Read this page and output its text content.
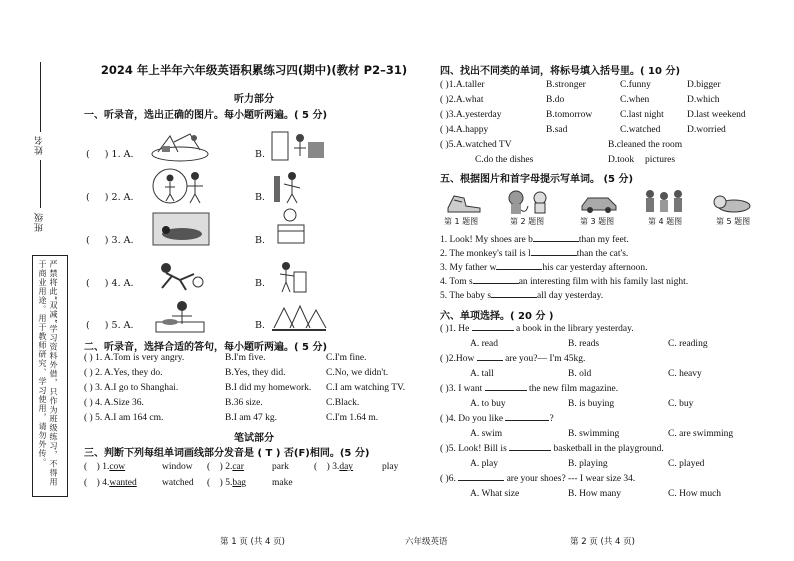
姓名
班级
严禁将此“双减”学习资料外借，只作为班级练习，不得用于商业用途。用于教师研究、学习使用，请勿外传。
2024 年上半年六年级英语积累练习四(期中)(教材 P2–31)
听力部分
一、听录音，选出正确的图片。每小题听两遍。( 5 分)
(     ) 1. A.	B.
(     ) 2. A.	B.
(     ) 3. A.	B.
(     ) 4. A.	B.
(     ) 5. A.	B.
二、听录音，选择合适的答句，每小题听两遍。( 5 分)
( ) 1. A.Tom is very angry.	B.I'm five.	C.I'm fine.
( ) 2. A.Yes, they do.	B.Yes, they did.	C.No, we didn't.
( ) 3. A.I go to Shanghai.	B.I did my homework. C.I am watching TV.
( ) 4. A.Size 36.	B.36 size.	C.Black.
( ) 5. A.I am 164 cm.	B.I am 47 kg.	C.I'm 1.64 m.
笔试部分
三、判断下列每组单词画线部分发音是 ( T ) 否(F)相同。(5 分)
(    ) 1.cow	window (    ) 2.car	park	(    ) 3.day	play
(    ) 4.wanted	watched (    ) 5.bag	make
四、找出不同类的单词，将标号填入括号里。( 10 分)
( )1.A.taller	B.stronger	C.funny	D.bigger
( )2.A.what	B.do	C.when	D.which
( )3.A.yesterday	B.tomorrow	C.last night D.last weekend
( )4.A.happy	B.sad	C.watched	D.worried
( )5.A.watched TV	B.cleaned the room
C.do the dishes	D.took pictures
五、根据图片和首字母提示写单词。 (5 分)
第 1 题图	第 2 题图	第 3 题图	第 4 题图	第 5 题图
1. Look! My shoes are b	than my feet.
2. The monkey's tail is l	than the cat's.
3. My father w	his car yesterday afternoon.
4. Tom s	an interesting film with his family last night.
5. The baby s	all day yesterday.
六、单项选择。( 20 分 )
( )1. He	a book in the library yesterday.
A. read	B. reads	C. reading
( )2.How	are you?— I'm 45kg.
A. tall	B. old	C. heavy
( )3. I want	the new film magazine.
A. to buy	B. is buying	C. buy
( )4. Do you like	?
A. swim	B. swimming	C. are swimming
( )5. Look! Bill is	basketball in the playground.
A. play	B. playing	C. played
( )6.	are your shoes? --- I wear size 34.
A. What size	B. How many	C. How much
第 1 页 (共 4 页)	六年级英语	第 2 页 (共 4 页)
